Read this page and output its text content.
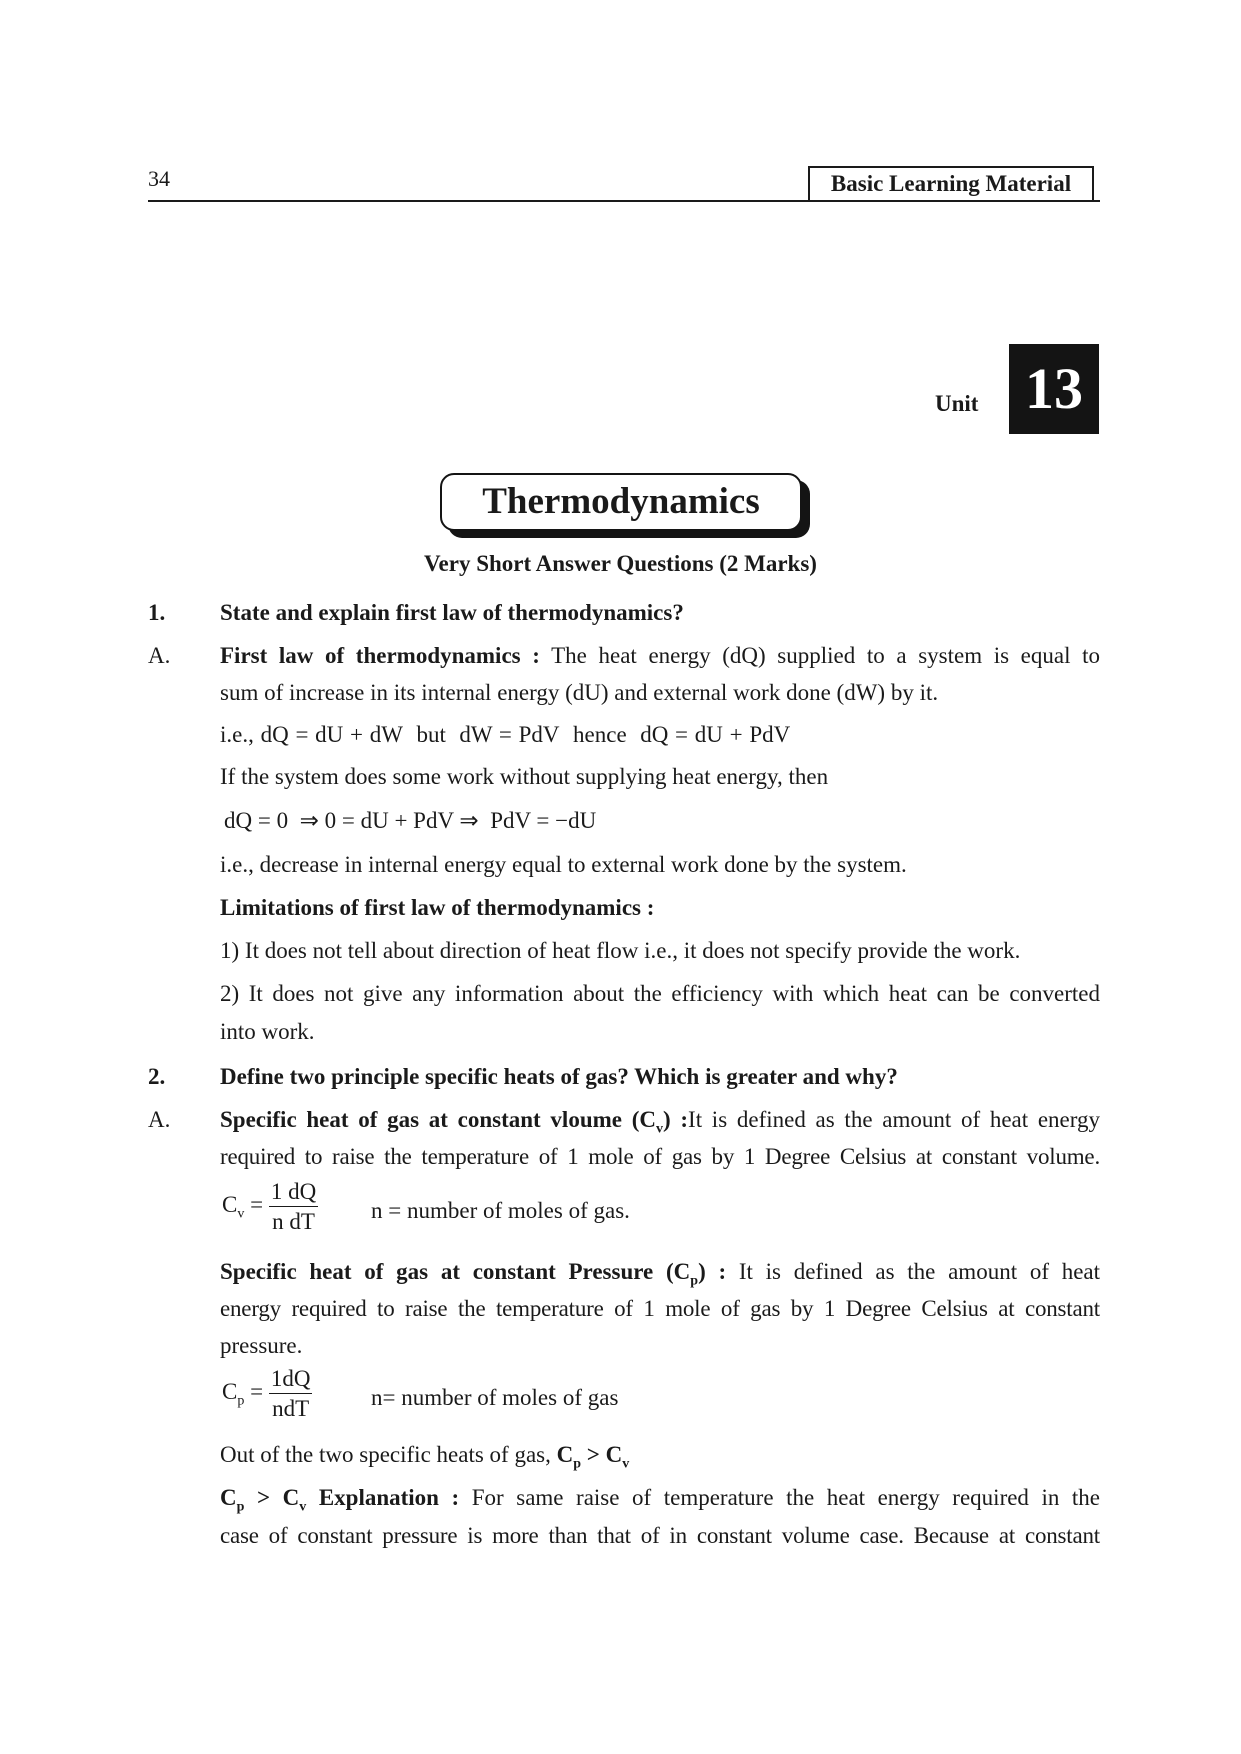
34	Basic Learning Material
Unit 13
Thermodynamics
Very Short Answer Questions (2 Marks)
1. State and explain first law of thermodynamics?
A. First law of thermodynamics : The heat energy (dQ) supplied to a system is equal to
sum of increase in its internal energy (dU) and external work done (dW) by it.
i.e., dQ = dU + dW but dW = PdV hence dQ = dU + PdV
If the system does some work without supplying heat energy, then
dQ = 0 ⇒ 0 = dU + PdV ⇒ PdV = −dU
i.e., decrease in internal energy equal to external work done by the system.
Limitations of first law of thermodynamics :
1) It does not tell about direction of heat flow i.e., it does not specify provide the work.
2) It does not give any information about the efficiency with which heat can be converted
into work.
2. Define two principle specific heats of gas? Which is greater and why?
A. Specific heat of gas at constant vloume $(C_v)$ :It is defined as the amount of heat energy
required to raise the temperature of 1 mole of gas by 1 Degree Celsius at constant volume.
$C_v = \frac{1 dQ}{\text{n dT}}$ n = number of moles of gas.
Specific heat of gas at constant Pressure $(C_p)$ : It is defined as the amount of heat
energy required to raise the temperature of 1 mole of gas by 1 Degree Celsius at constant
pressure.
$C_p = \frac{1dQ}{\text{ndT}}$	n= number of moles of gas
Out of the two specific heats of gas, $C_p > C_v$
$C_p > C_v$ Explanation : For same raise of temperature the heat energy required in the
case of constant pressure is more than that of in constant volume case. Because at constant
